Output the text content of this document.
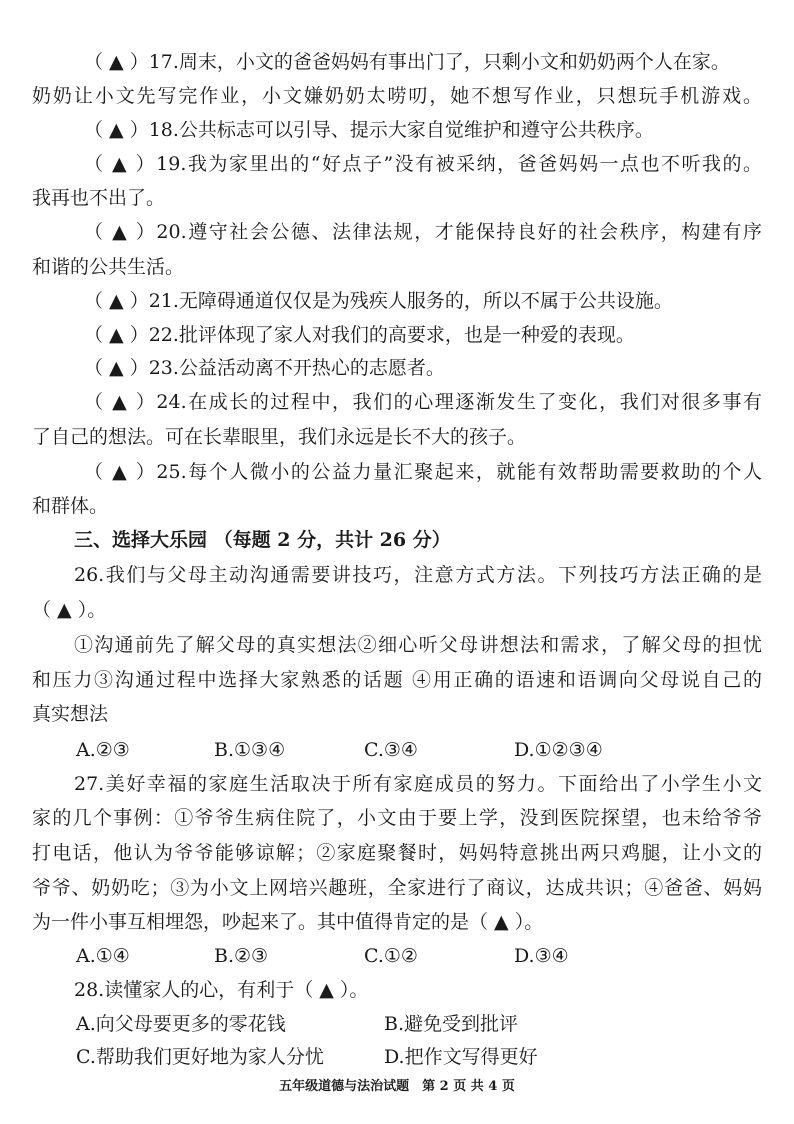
（ ▲ ）17.周末，小文的爸爸妈妈有事出门了，只剩小文和奶奶两个人在家。
奶奶让小文先写完作业，小文嫌奶奶太唠叨，她不想写作业，只想玩手机游戏。
（ ▲ ）18.公共标志可以引导、提示大家自觉维护和遵守公共秩序。
（ ▲ ）19.我为家里出的“好点子”没有被采纳，爸爸妈妈一点也不听我的。
我再也不出了。
（ ▲ ）20.遵守社会公德、法律法规，才能保持良好的社会秩序，构建有序
和谐的公共生活。
（ ▲ ）21.无障碍通道仅仅是为残疾人服务的，所以不属于公共设施。
（ ▲ ）22.批评体现了家人对我们的高要求，也是一种爱的表现。
（ ▲ ）23.公益活动离不开热心的志愿者。
（ ▲ ）24.在成长的过程中，我们的心理逐渐发生了变化，我们对很多事有
了自己的想法。可在长辈眼里，我们永远是长不大的孩子。
（ ▲ ）25.每个人微小的公益力量汇聚起来，就能有效帮助需要救助的个人
和群体。
三、选择大乐园 （每题 2 分，共计 26 分）
26.我们与父母主动沟通需要讲技巧，注意方式方法。下列技巧方法正确的是
（ ▲ ）。
①沟通前先了解父母的真实想法②细心听父母讲想法和需求，了解父母的担忧
和压力③沟通过程中选择大家熟悉的话题 ④用正确的语速和语调向父母说自己的
真实想法
A.②③	B.①③④	C.③④	D.①②③④
27.美好幸福的家庭生活取决于所有家庭成员的努力。下面给出了小学生小文
家的几个事例：①爷爷生病住院了，小文由于要上学，没到医院探望，也未给爷爷
打电话，他认为爷爷能够谅解；②家庭聚餐时，妈妈特意挑出两只鸡腿，让小文的
爷爷、奶奶吃；③为小文上网培兴趣班，全家进行了商议，达成共识；④爸爸、妈妈
为一件小事互相埋怨，吵起来了。其中值得肯定的是（ ▲ ）。
A.①④	B.②③	C.①②	D.③④
28.读懂家人的心，有利于（ ▲ ）。
A.向父母要更多的零花钱	B.避免受到批评
C.帮助我们更好地为家人分忧	D.把作文写得更好
五年级道德与法治试题　第 2 页 共 4 页
